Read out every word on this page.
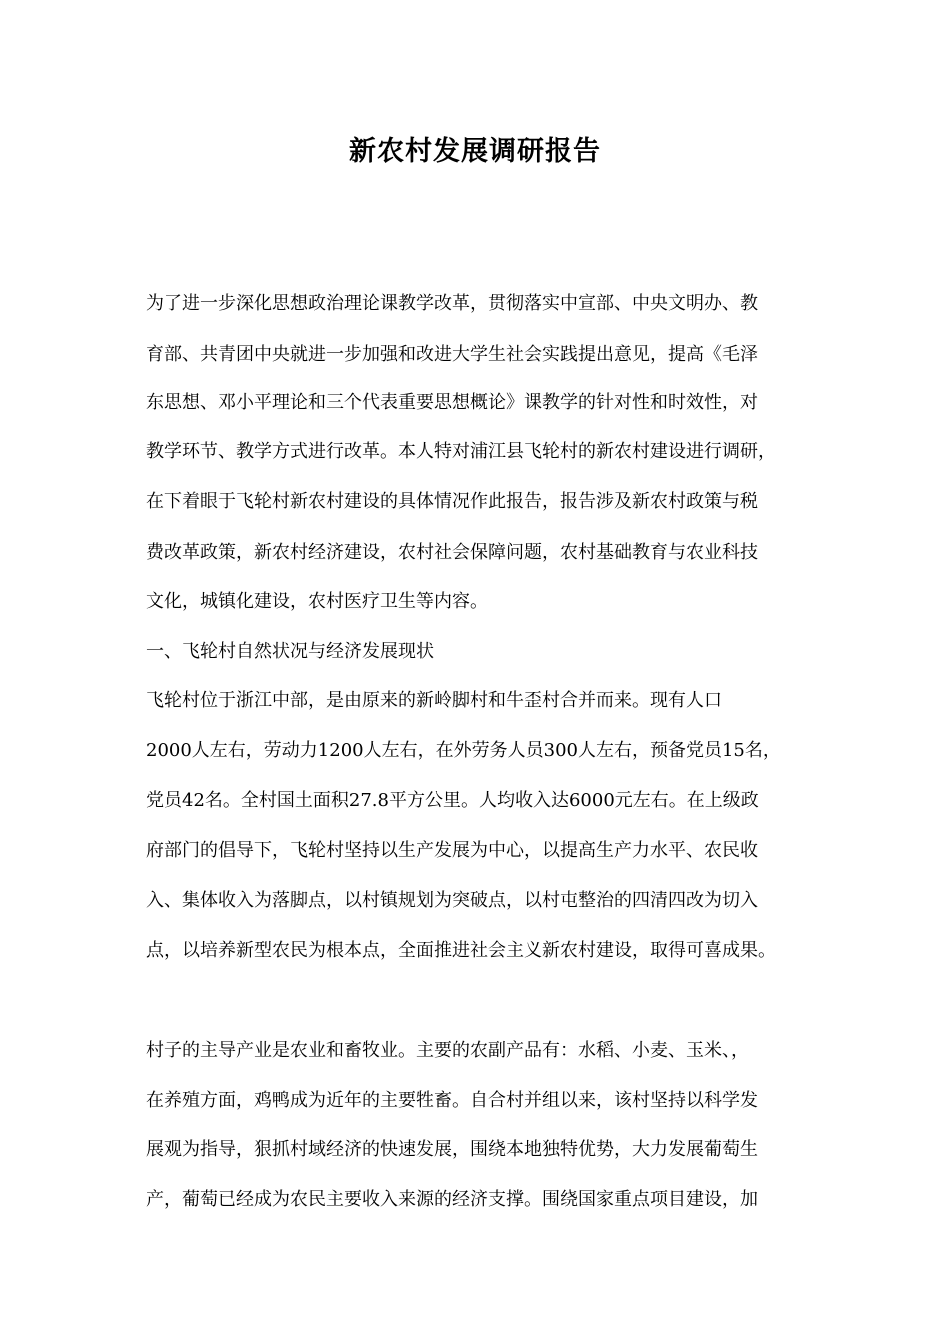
新农村发展调研报告
为了进一步深化思想政治理论课教学改革，贯彻落实中宣部、中央文明办、教
育部、共青团中央就进一步加强和改进大学生社会实践提出意见，提高《毛泽
东思想、邓小平理论和三个代表重要思想概论》课教学的针对性和时效性，对
教学环节、教学方式进行改革。本人特对浦江县飞轮村的新农村建设进行调研，
在下着眼于飞轮村新农村建设的具体情况作此报告，报告涉及新农村政策与税
费改革政策，新农村经济建设，农村社会保障问题，农村基础教育与农业科技
文化，城镇化建设，农村医疗卫生等内容。
一、飞轮村自然状况与经济发展现状
飞轮村位于浙江中部，是由原来的新岭脚村和牛歪村合并而来。现有人口
2000人左右，劳动力1200人左右，在外劳务人员300人左右，预备党员15名，
党员42名。全村国土面积27.8平方公里。人均收入达6000元左右。在上级政
府部门的倡导下，飞轮村坚持以生产发展为中心，以提高生产力水平、农民收
入、集体收入为落脚点，以村镇规划为突破点，以村屯整治的四清四改为切入
点，以培养新型农民为根本点，全面推进社会主义新农村建设，取得可喜成果。
村子的主导产业是农业和畜牧业。主要的农副产品有：水稻、小麦、玉米、，
在养殖方面，鸡鸭成为近年的主要牲畜。自合村并组以来，该村坚持以科学发
展观为指导，狠抓村域经济的快速发展，围绕本地独特优势，大力发展葡萄生
产，葡萄已经成为农民主要收入来源的经济支撑。围绕国家重点项目建设，加
